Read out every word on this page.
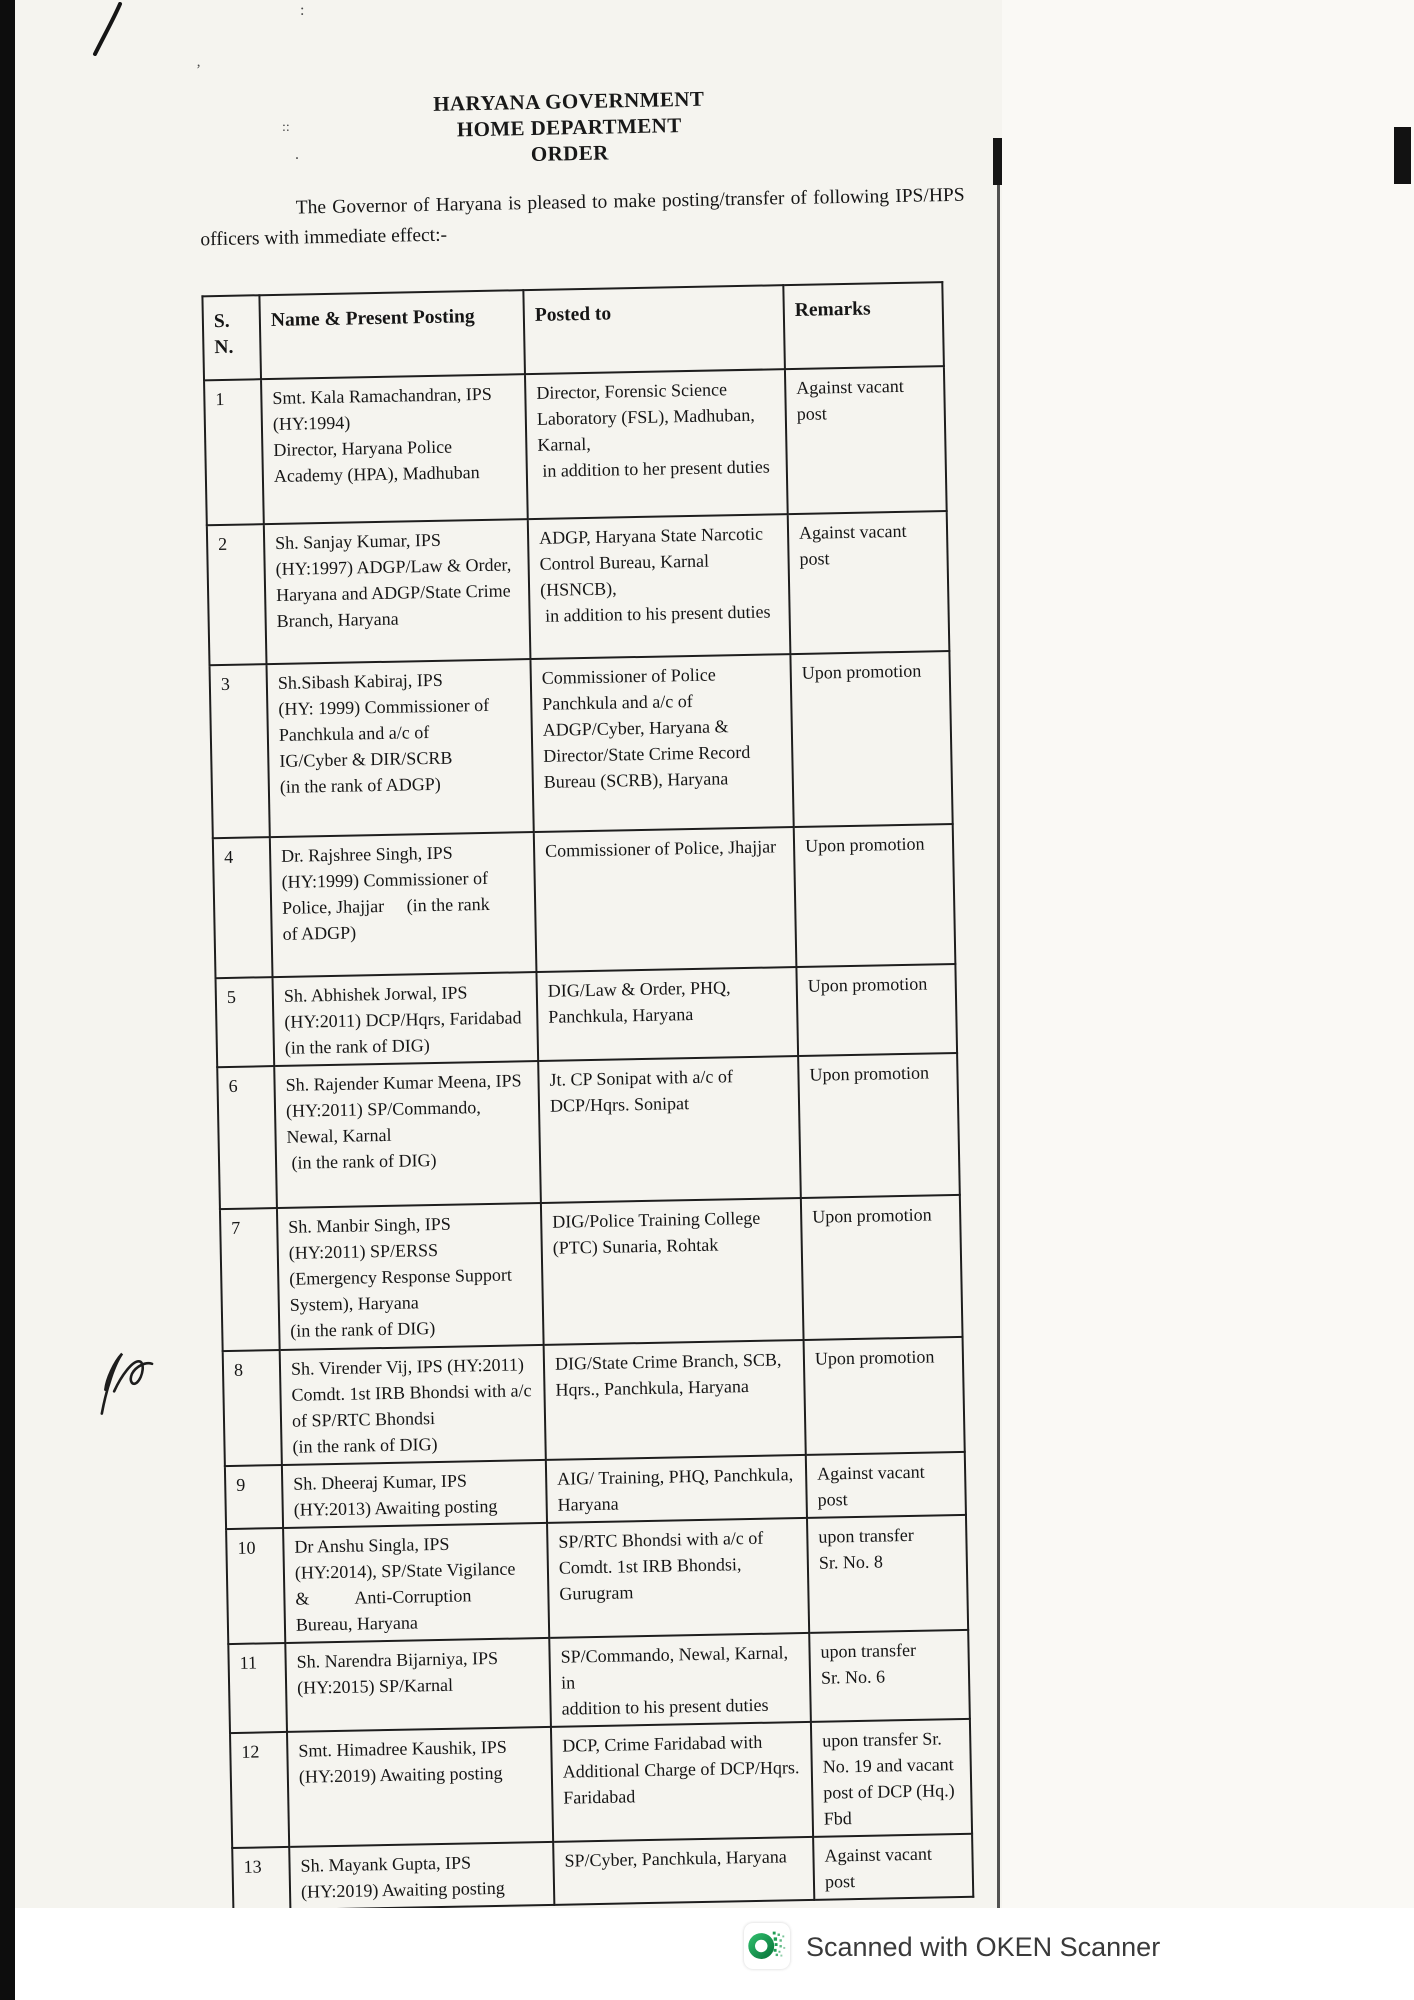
:
::
.
’
HARYANA GOVERNMENT
HOME DEPARTMENT
ORDER

The Governor of Haryana is pleased to make posting/transfer of following IPS/HPS officers with immediate effect:-

S. N.	Name & Present Posting	Posted to	Remarks
1	Smt. Kala Ramachandran, IPS
(HY:1994)
Director, Haryana Police
Academy (HPA), Madhuban	Director, Forensic Science
Laboratory (FSL), Madhuban,
Karnal,
in addition to her present duties	Against vacant
post
2	Sh. Sanjay Kumar, IPS
(HY:1997) ADGP/Law & Order,
Haryana and ADGP/State Crime
Branch, Haryana	ADGP, Haryana State Narcotic
Control Bureau, Karnal
(HSNCB),
in addition to his present duties	Against vacant
post
3	Sh.Sibash Kabiraj, IPS
(HY: 1999) Commissioner of
Panchkula and a/c of
IG/Cyber & DIR/SCRB
(in the rank of ADGP)	Commissioner of Police
Panchkula and a/c of
ADGP/Cyber, Haryana &
Director/State Crime Record
Bureau (SCRB), Haryana	Upon promotion
4	Dr. Rajshree Singh, IPS
(HY:1999) Commissioner of
Police, Jhajjar     (in the rank
of ADGP)	Commissioner of Police, Jhajjar	Upon promotion
5	Sh. Abhishek Jorwal, IPS
(HY:2011) DCP/Hqrs, Faridabad
(in the rank of DIG)	DIG/Law & Order, PHQ,
Panchkula, Haryana	Upon promotion
6	Sh. Rajender Kumar Meena, IPS
(HY:2011) SP/Commando,
Newal, Karnal
(in the rank of DIG)	Jt. CP Sonipat with a/c of
DCP/Hqrs. Sonipat	Upon promotion
7	Sh. Manbir Singh, IPS
(HY:2011) SP/ERSS
(Emergency Response Support
System), Haryana
(in the rank of DIG)	DIG/Police Training College
(PTC) Sunaria, Rohtak	Upon promotion
8	Sh. Virender Vij, IPS (HY:2011)
Comdt. 1st IRB Bhondsi with a/c
of SP/RTC Bhondsi
(in the rank of DIG)	DIG/State Crime Branch, SCB,
Hqrs., Panchkula, Haryana	Upon promotion
9	Sh. Dheeraj Kumar, IPS
(HY:2013) Awaiting posting	AIG/ Training, PHQ, Panchkula,
Haryana	Against vacant
post
10	Dr Anshu Singla, IPS
(HY:2014), SP/State Vigilance
&          Anti-Corruption
Bureau, Haryana	SP/RTC Bhondsi with a/c of
Comdt. 1st IRB Bhondsi,
Gurugram	upon transfer
Sr. No. 8
11	Sh. Narendra Bijarniya, IPS
(HY:2015) SP/Karnal	SP/Commando, Newal, Karnal, in
addition to his present duties	upon transfer
Sr. No. 6
12	Smt. Himadree Kaushik, IPS
(HY:2019) Awaiting posting	DCP, Crime Faridabad with
Additional Charge of DCP/Hqrs.
Faridabad	upon transfer Sr.
No. 19 and vacant
post of DCP (Hq.)
Fbd
13	Sh. Mayank Gupta, IPS
(HY:2019) Awaiting posting	SP/Cyber, Panchkula, Haryana	Against vacant
post
Scanned with OKEN Scanner
